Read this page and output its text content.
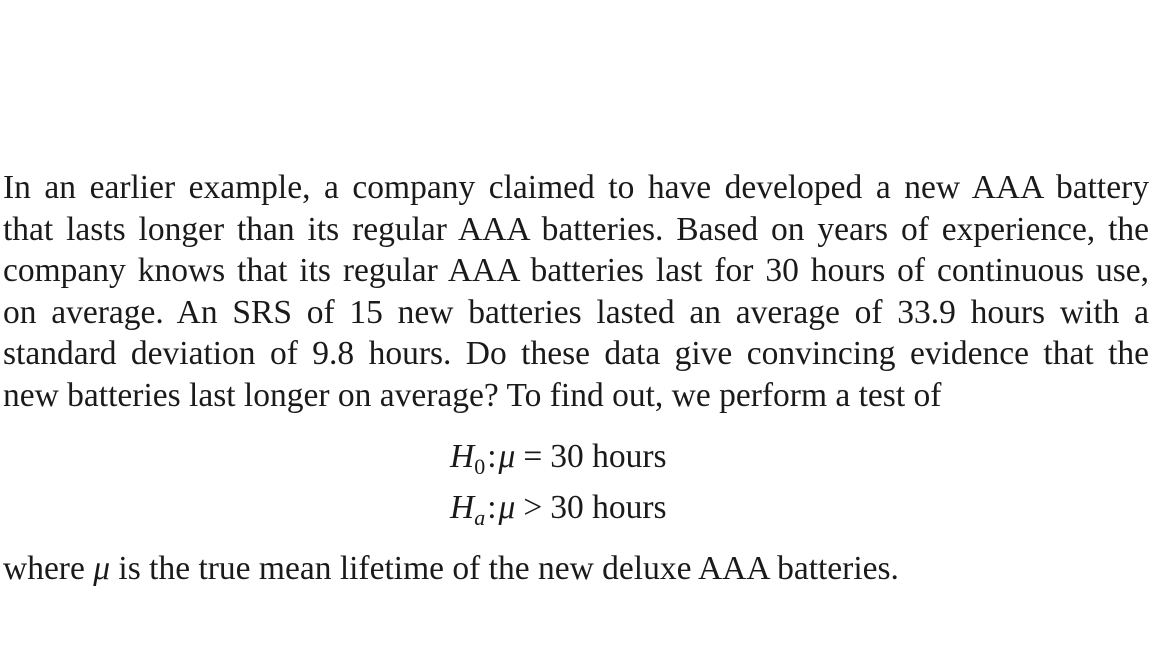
In an earlier example, a company claimed to have developed a new AAA battery
that lasts longer than its regular AAA batteries. Based on years of experience, the
company knows that its regular AAA batteries last for 30 hours of continuous use,
on average. An SRS of 15 new batteries lasted an average of 33.9 hours with a
standard deviation of 9.8 hours. Do these data give convincing evidence that the
new batteries last longer on average? To find out, we perform a test of

$H_0:\mu = 30$ hours
$H_a:\mu > 30$ hours

where μ is the true mean lifetime of the new deluxe AAA batteries.
